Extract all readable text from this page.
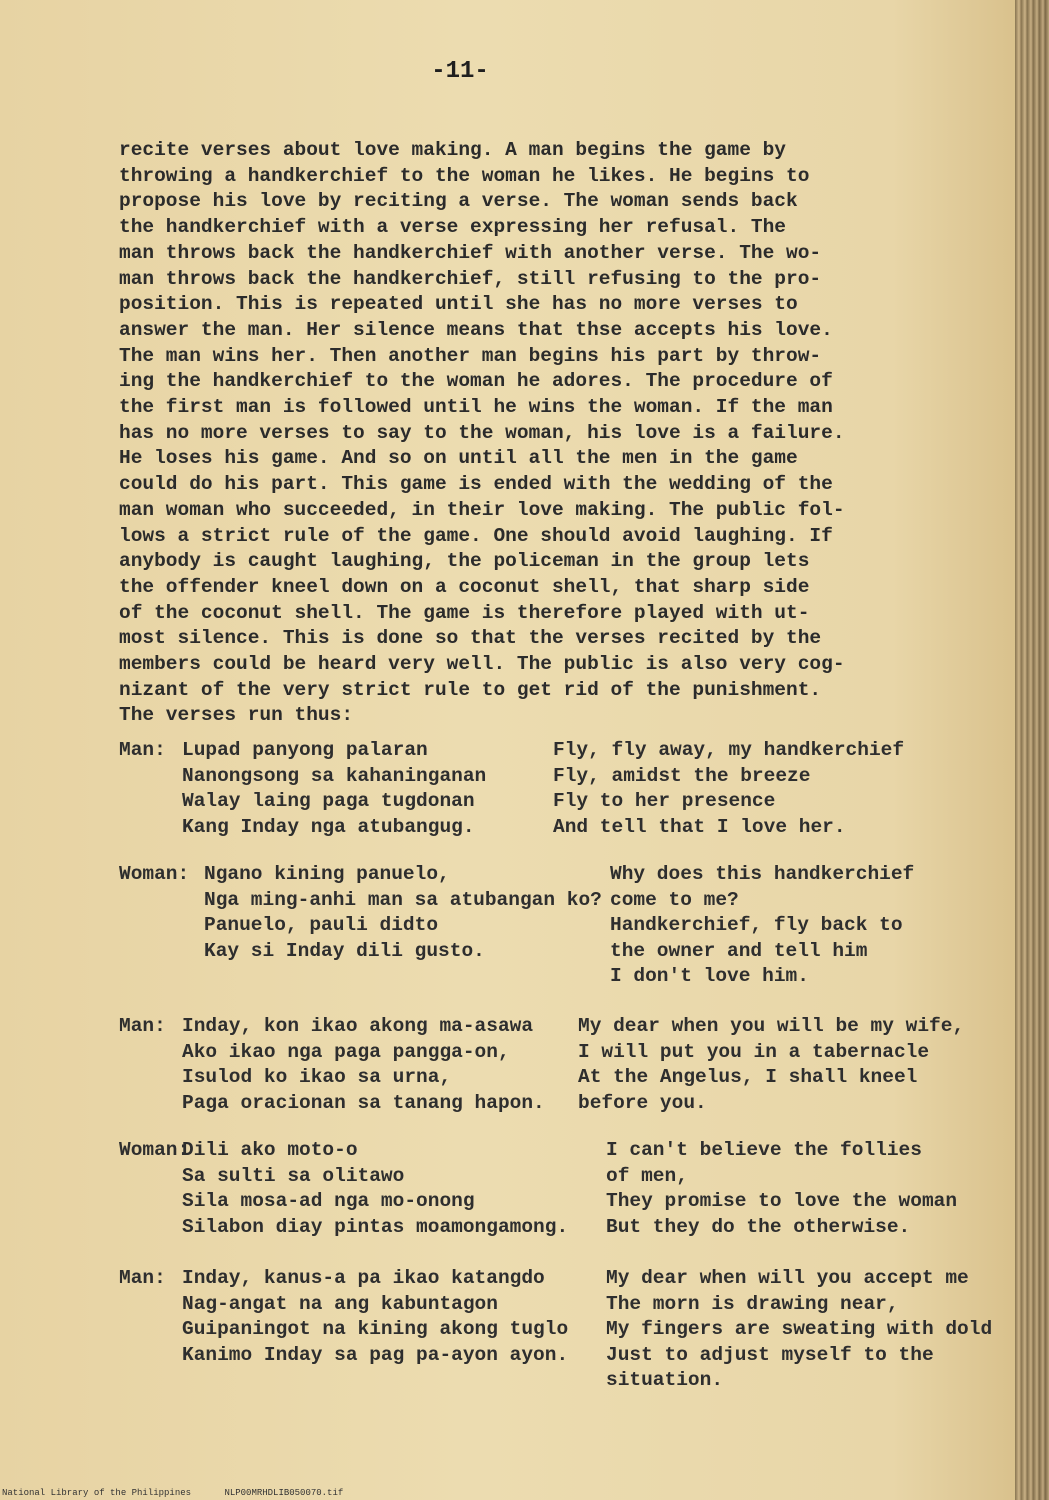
-11-
recite verses about love making. A man begins the game by
throwing a handkerchief to the woman he likes. He begins to
propose his love by reciting a verse. The woman sends back
the handkerchief with a verse expressing her refusal. The
man throws back the handkerchief with another verse. The wo-
man throws back the handkerchief, still refusing to the pro-
position. This is repeated until she has no more verses to
answer the man. Her silence means that thse accepts his love.
The man wins her. Then another man begins his part by throw-
ing the handkerchief to the woman he adores. The procedure of
the first man is followed until he wins the woman. If the man
has no more verses to say to the woman, his love is a failure.
He loses his game. And so on until all the men in the game
could do his part. This game is ended with the wedding of the
man woman who succeeded, in their love making. The public fol-
lows a strict rule of the game. One should avoid laughing. If
anybody is caught laughing, the policeman in the group lets
the offender kneel down on a coconut shell, that sharp side
of the coconut shell. The game is therefore played with ut-
most silence. This is done so that the verses recited by the
members could be heard very well. The public is also very cog-
nizant of the very strict rule to get rid of the punishment.
The verses run thus:
Man: Lupad panyong palaran
Nanongsong sa kahaninganan
Walay laing paga tugdonan
Kang Inday nga atubangug.
Fly, fly away, my handkerchief
Fly, amidst the breeze
Fly to her presence
And tell that I love her.
Woman: Ngano kining panuelo,
Nga ming-anhi man sa atubangan ko?
Panuelo, pauli didto
Kay si Inday dili gusto.
Why does this handkerchief
come to me?
Handkerchief, fly back to
the owner and tell him
I don't love him.
Man: Inday, kon ikao akong ma-asawa
Ako ikao nga paga pangga-on,
Isulod ko ikao sa urna,
Paga oracionan sa tanang hapon.
My dear when you will be my wife,
I will put you in a tabernacle
At the Angelus, I shall kneel
before you.
Woman:
Dili ako moto-o
Sa sulti sa olitawo
Sila mosa-ad nga mo-onong
Silabon diay pintas moamongamong.
I can't believe the follies
of men,
They promise to love the woman
But they do the otherwise.
Man: Inday, kanus-a pa ikao katangdo
Nag-angat na ang kabuntagon
Guipaningot na kining akong tuglo
Kanimo Inday sa pag pa-ayon ayon.
My dear when will you accept me
The morn is drawing near,
My fingers are sweating with dold
Just to adjust myself to the
situation.
National Library of the Philippines	NLP00MRHDLIB050070.tif
